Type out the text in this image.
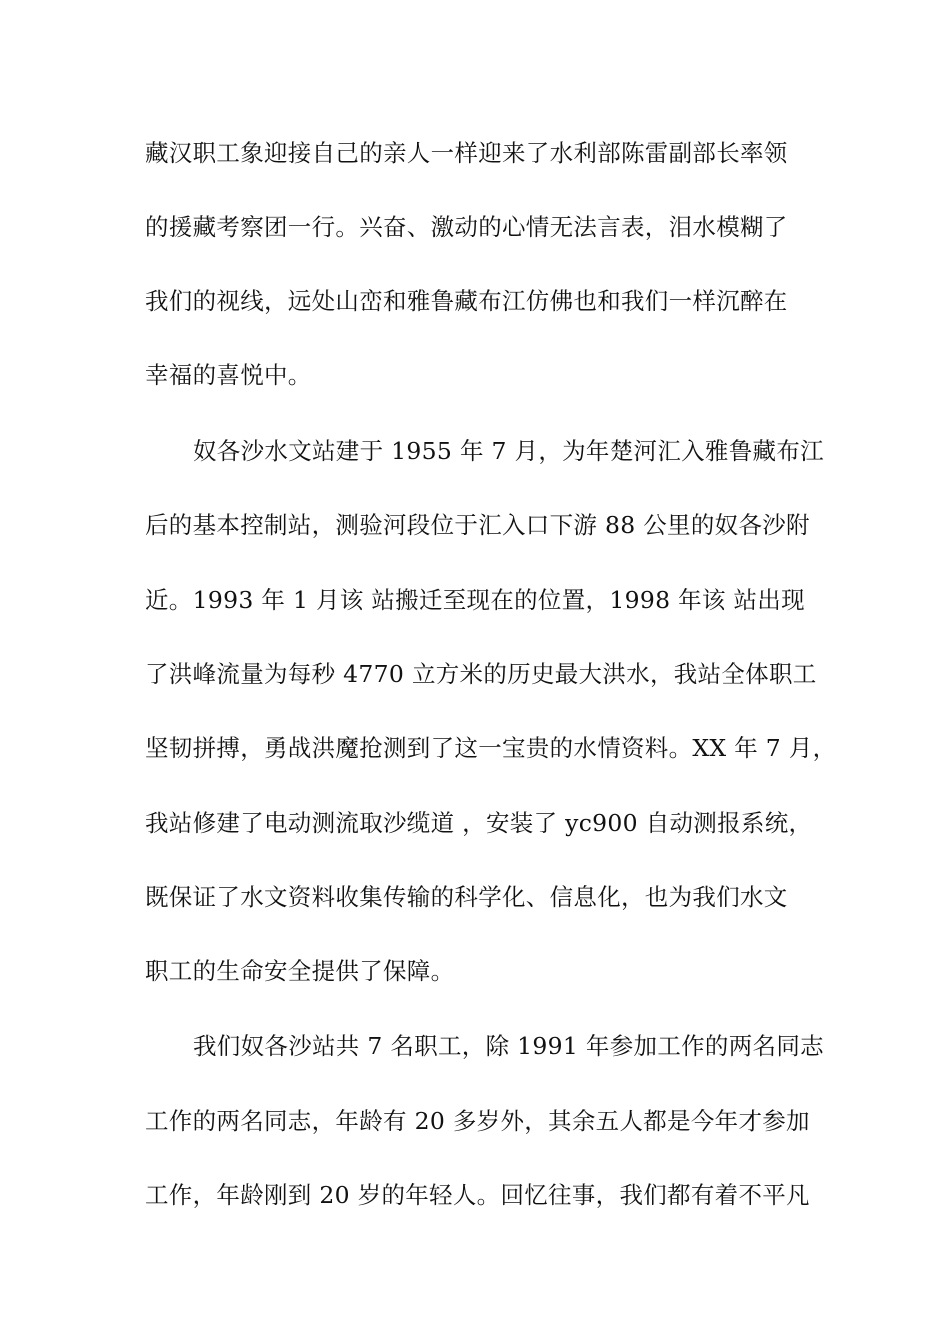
藏汉职工象迎接自己的亲人一样迎来了水利部陈雷副部长率领

的援藏考察团一行。兴奋、激动的心情无法言表，泪水模糊了

我们的视线，远处山峦和雅鲁藏布江仿佛也和我们一样沉醉在

幸福的喜悦中。

奴各沙水文站建于 1955 年 7 月，为年楚河汇入雅鲁藏布江

后的基本控制站，测验河段位于汇入口下游 88 公里的奴各沙附

近。1993 年 1 月该 站搬迁至现在的位置，1998 年该 站出现

了洪峰流量为每秒 4770 立方米的历史最大洪水，我站全体职工

坚韧拼搏，勇战洪魔抢测到了这一宝贵的水情资料。XX 年 7 月，

我站修建了电动测流取沙缆道 ，安装了 yc900 自动测报系统，

既保证了水文资料收集传输的科学化、信息化，也为我们水文

职工的生命安全提供了保障。

我们奴各沙站共 7 名职工，除 1991 年参加工作的两名同志

工作的两名同志，年龄有 20 多岁外，其余五人都是今年才参加

工作，年龄刚到 20 岁的年轻人。回忆往事，我们都有着不平凡
